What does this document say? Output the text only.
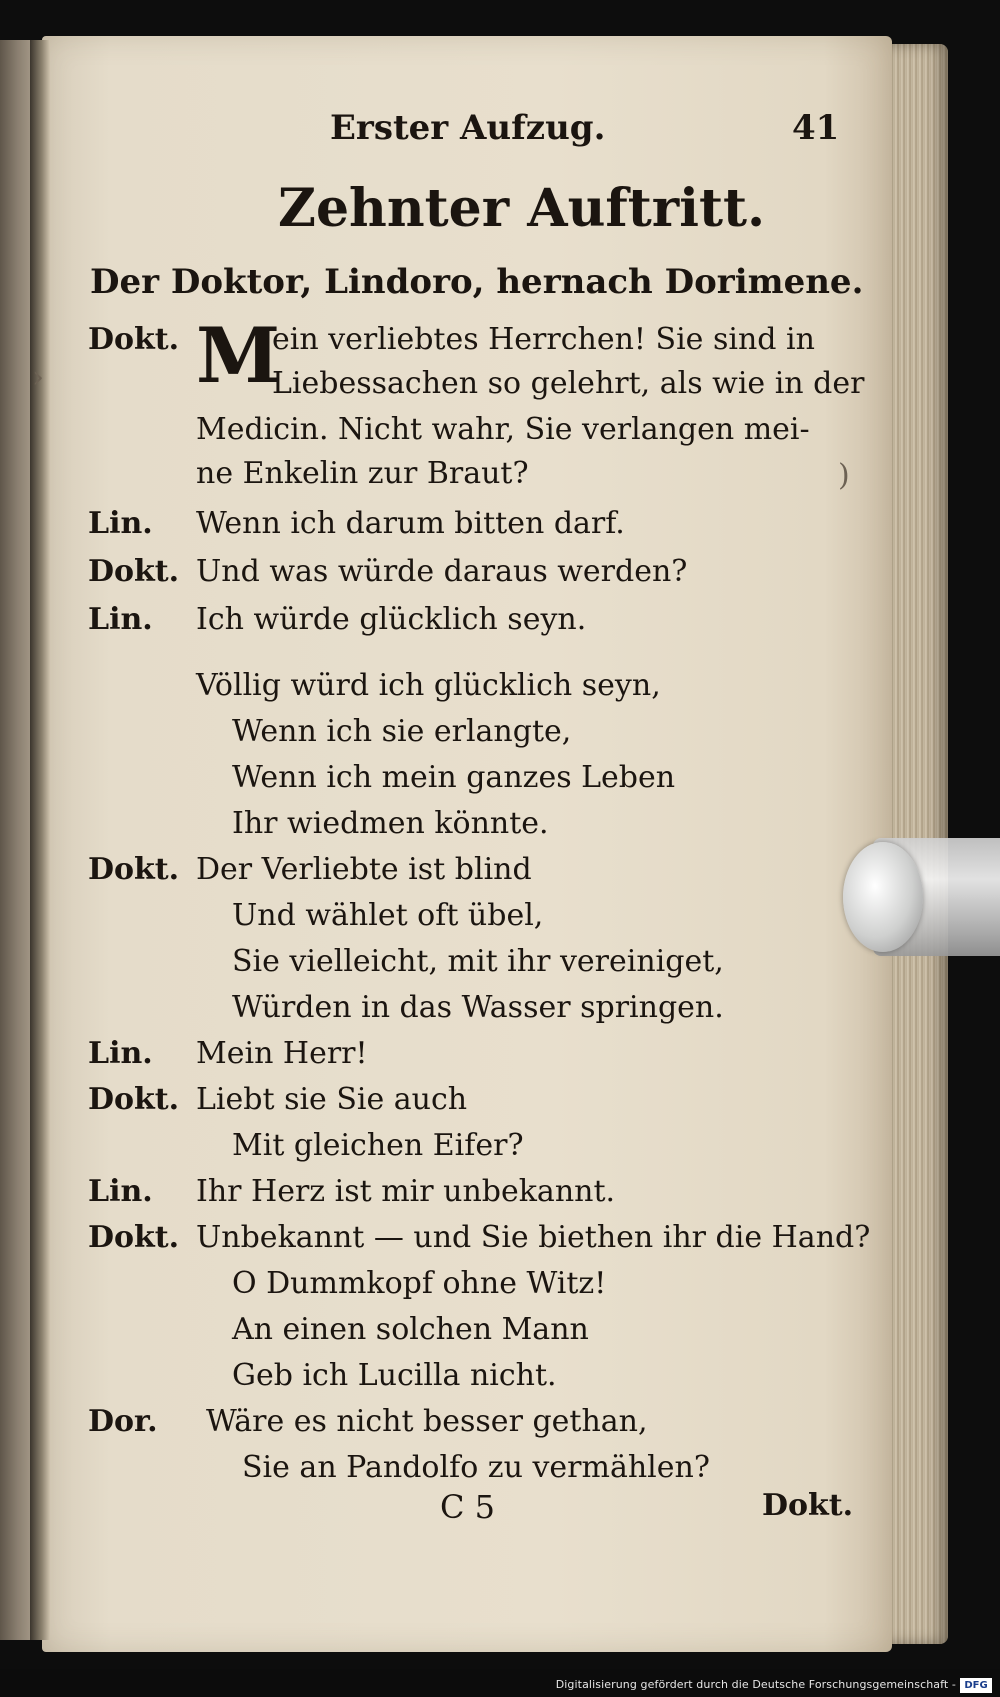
›
)
Erster Aufzug.	41
Zehnter Auftritt.
Der Doktor, Lindoro, hernach Dorimene.
Dokt. M
ein verliebtes Herrchen! Sie sind in
Liebessachen so gelehrt, als wie in der
Medicin. Nicht wahr, Sie verlangen mei-
ne Enkelin zur Braut?
Lin. Wenn ich darum bitten darf.
Dokt. Und was würde daraus werden?
Lin. Ich würde glücklich seyn.
Völlig würd ich glücklich seyn,
Wenn ich sie erlangte,
Wenn ich mein ganzes Leben
Ihr wiedmen könnte.
Dokt. Der Verliebte ist blind
Und wählet oft übel,
Sie vielleicht, mit ihr vereiniget,
Würden in das Wasser springen.
Lin. Mein Herr!
Dokt. Liebt sie Sie auch
Mit gleichen Eifer?
Lin. Ihr Herz ist mir unbekannt.
Dokt. Unbekannt — und Sie biethen ihr die Hand?
O Dummkopf ohne Witz!
An einen solchen Mann
Geb ich Lucilla nicht.
Dor. Wäre es nicht besser gethan,
Sie an Pandolfo zu vermählen?
C 5	Dokt.
Digitalisierung gefördert durch die Deutsche Forschungsgemeinschaft - DFG
